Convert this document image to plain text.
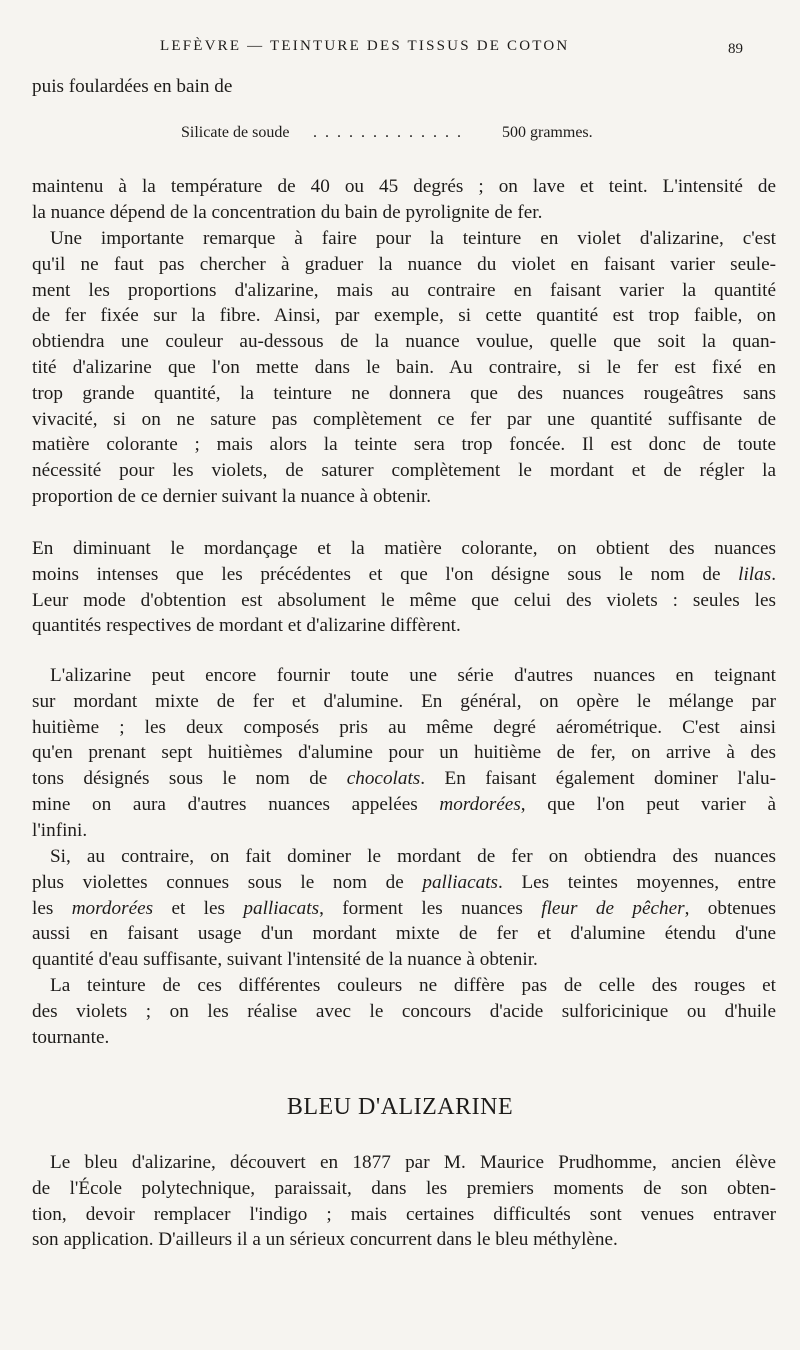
LEFÈVRE — TEINTURE DES TISSUS DE COTON	89
puis foulardées en bain de
Silicate de soude . . . . . . . . . . . . . 500 grammes.
maintenu à la température de 40 ou 45 degrés ; on lave et teint. L'intensité de
la nuance dépend de la concentration du bain de pyrolignite de fer.
Une importante remarque à faire pour la teinture en violet d'alizarine, c'est
qu'il ne faut pas chercher à graduer la nuance du violet en faisant varier seule-
ment les proportions d'alizarine, mais au contraire en faisant varier la quantité
de fer fixée sur la fibre. Ainsi, par exemple, si cette quantité est trop faible, on
obtiendra une couleur au-dessous de la nuance voulue, quelle que soit la quan-
tité d'alizarine que l'on mette dans le bain. Au contraire, si le fer est fixé en
trop grande quantité, la teinture ne donnera que des nuances rougeâtres sans
vivacité, si on ne sature pas complètement ce fer par une quantité suffisante de
matière colorante ; mais alors la teinte sera trop foncée. Il est donc de toute
nécessité pour les violets, de saturer complètement le mordant et de régler la
proportion de ce dernier suivant la nuance à obtenir.
En diminuant le mordançage et la matière colorante, on obtient des nuances
moins intenses que les précédentes et que l'on désigne sous le nom de lilas.
Leur mode d'obtention est absolument le même que celui des violets : seules les
quantités respectives de mordant et d'alizarine diffèrent.
L'alizarine peut encore fournir toute une série d'autres nuances en teignant
sur mordant mixte de fer et d'alumine. En général, on opère le mélange par
huitième ; les deux composés pris au même degré aérométrique. C'est ainsi
qu'en prenant sept huitièmes d'alumine pour un huitième de fer, on arrive à des
tons désignés sous le nom de chocolats. En faisant également dominer l'alu-
mine on aura d'autres nuances appelées mordorées, que l'on peut varier à
l'infini.
Si, au contraire, on fait dominer le mordant de fer on obtiendra des nuances
plus violettes connues sous le nom de palliacats. Les teintes moyennes, entre
les mordorées et les palliacats, forment les nuances fleur de pêcher, obtenues
aussi en faisant usage d'un mordant mixte de fer et d'alumine étendu d'une
quantité d'eau suffisante, suivant l'intensité de la nuance à obtenir.
La teinture de ces différentes couleurs ne diffère pas de celle des rouges et
des violets ; on les réalise avec le concours d'acide sulforicinique ou d'huile
tournante.
BLEU D'ALIZARINE
Le bleu d'alizarine, découvert en 1877 par M. Maurice Prudhomme, ancien élève
de l'École polytechnique, paraissait, dans les premiers moments de son obten-
tion, devoir remplacer l'indigo ; mais certaines difficultés sont venues entraver
son application. D'ailleurs il a un sérieux concurrent dans le bleu méthylène.
